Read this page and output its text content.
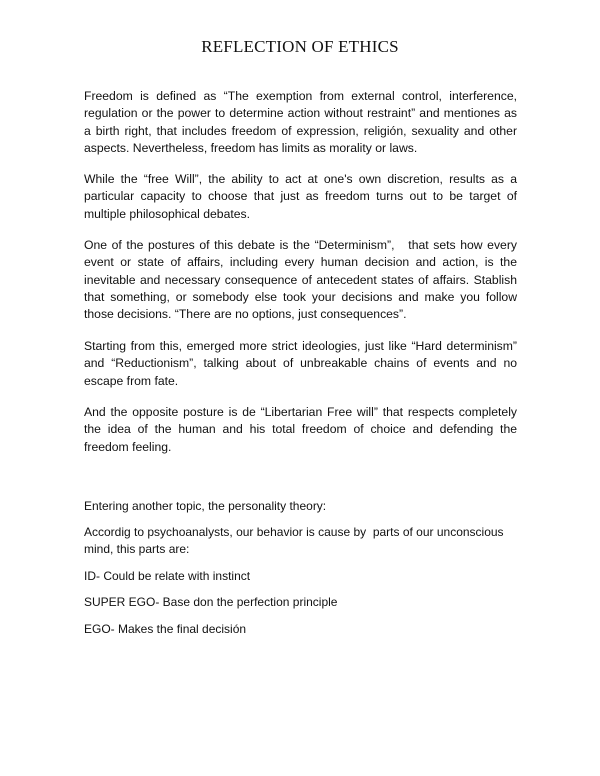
REFLECTION OF ETHICS

Freedom is defined as “The exemption from external control, interference, regulation or the power to determine action without restraint” and mentiones as a birth right, that includes freedom of expression, religión, sexuality and other aspects. Nevertheless, freedom has limits as morality or laws.

While the “free Will”, the ability to act at one's own discretion, results as a particular capacity to choose that just as freedom turns out to be target of multiple philosophical debates.

One of the postures of this debate is the “Determinism”,   that sets how every event or state of affairs, including every human decision and action, is the inevitable and necessary consequence of antecedent states of affairs. Stablish that something, or somebody else took your decisions and make you follow those decisions. “There are no options, just consequences”.

Starting from this, emerged more strict ideologies, just like “Hard determinism” and “Reductionism”, talking about of unbreakable chains of events and no escape from fate.

And the opposite posture is de “Libertarian Free will” that respects completely the idea of the human and his total freedom of choice and defending the freedom feeling.

Entering another topic, the personality theory:

Accordig to psychoanalysts, our behavior is cause by  parts of our unconscious mind, this parts are:

ID- Could be relate with instinct

SUPER EGO- Base don the perfection principle

EGO- Makes the final decisión
